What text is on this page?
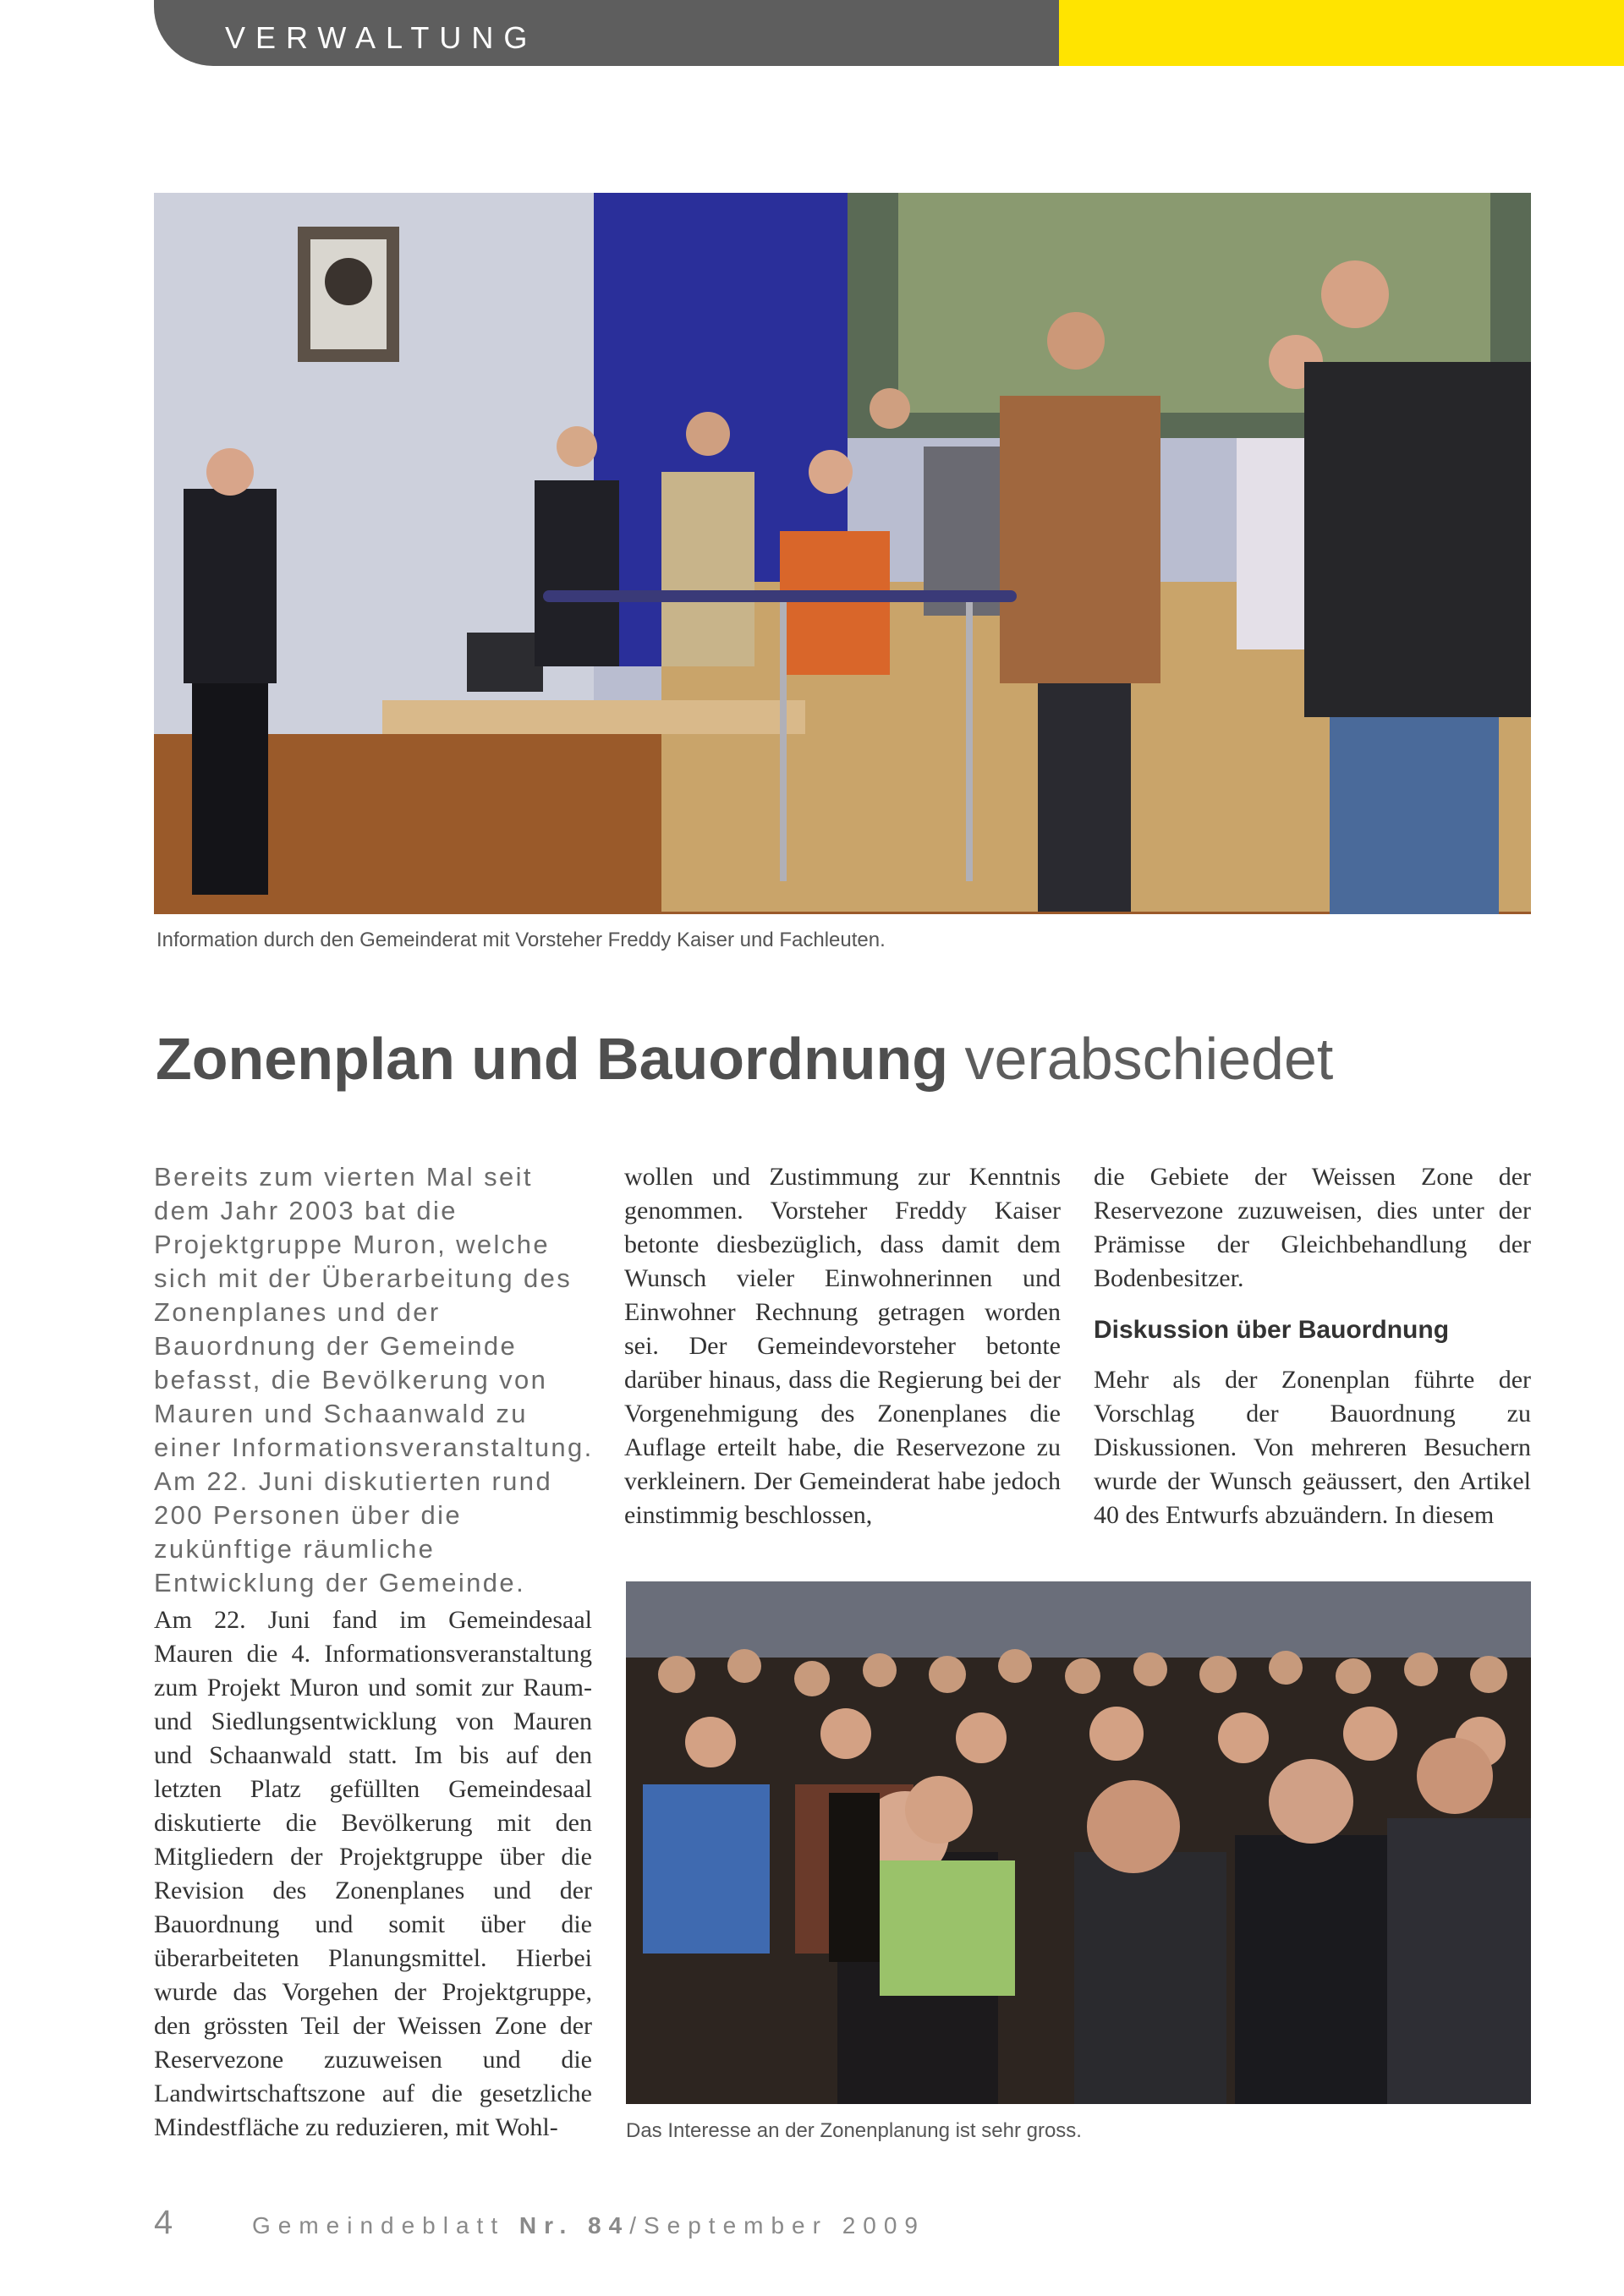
VERWALTUNG
Information durch den Gemeinderat mit Vorsteher Freddy Kaiser und Fachleuten.
Zonenplan und Bauordnung verabschiedet

Bereits zum vierten Mal seit dem Jahr 2003 bat die Projektgruppe Muron, welche sich mit der Überarbeitung des Zonenplanes und der Bauordnung der Gemeinde befasst, die Bevölkerung von Mauren und Schaanwald zu einer Informationsveranstaltung. Am 22. Juni diskutierten rund 200 Personen über die zukünftige räumliche Entwicklung der Gemeinde.

wollen und Zustimmung zur Kenntnis genommen. Vorsteher Freddy Kaiser betonte diesbezüglich, dass damit dem Wunsch vieler Einwohnerinnen und Einwohner Rechnung getragen worden sei. Der Gemeindevorsteher betonte darüber hinaus, dass die Regierung bei der Vorgenehmigung des Zonenplanes die Auflage erteilt habe, die Reservezone zu verkleinern. Der Gemeinderat habe jedoch einstimmig beschlossen,

die Gebiete der Weissen Zone der Reservezone zuzuweisen, dies unter der Prämisse der Gleichbehandlung der Bodenbesitzer.

Diskussion über Bauordnung

Mehr als der Zonenplan führte der Vorschlag der Bauordnung zu Diskussionen. Von mehreren Besuchern wurde der Wunsch geäussert, den Artikel 40 des Entwurfs abzuändern. In diesem

Am 22. Juni fand im Gemeindesaal Mauren die 4. Informationsveranstaltung zum Projekt Muron und somit zur Raum- und Siedlungsentwicklung von Mauren und Schaanwald statt. Im bis auf den letzten Platz gefüllten Gemeindesaal diskutierte die Bevölkerung mit den Mitgliedern der Projektgruppe über die Revision des Zonenplanes und der Bauordnung und somit über die überarbeiteten Planungsmittel. Hierbei wurde das Vorgehen der Projektgruppe, den grössten Teil der Weissen Zone der Reservezone zuzuweisen und die Landwirtschaftszone auf die gesetzliche Mindestfläche zu reduzieren, mit Wohl-	Das Interesse an der Zonenplanung ist sehr gross.
4	Gemeindeblatt Nr. 84/September 2009
